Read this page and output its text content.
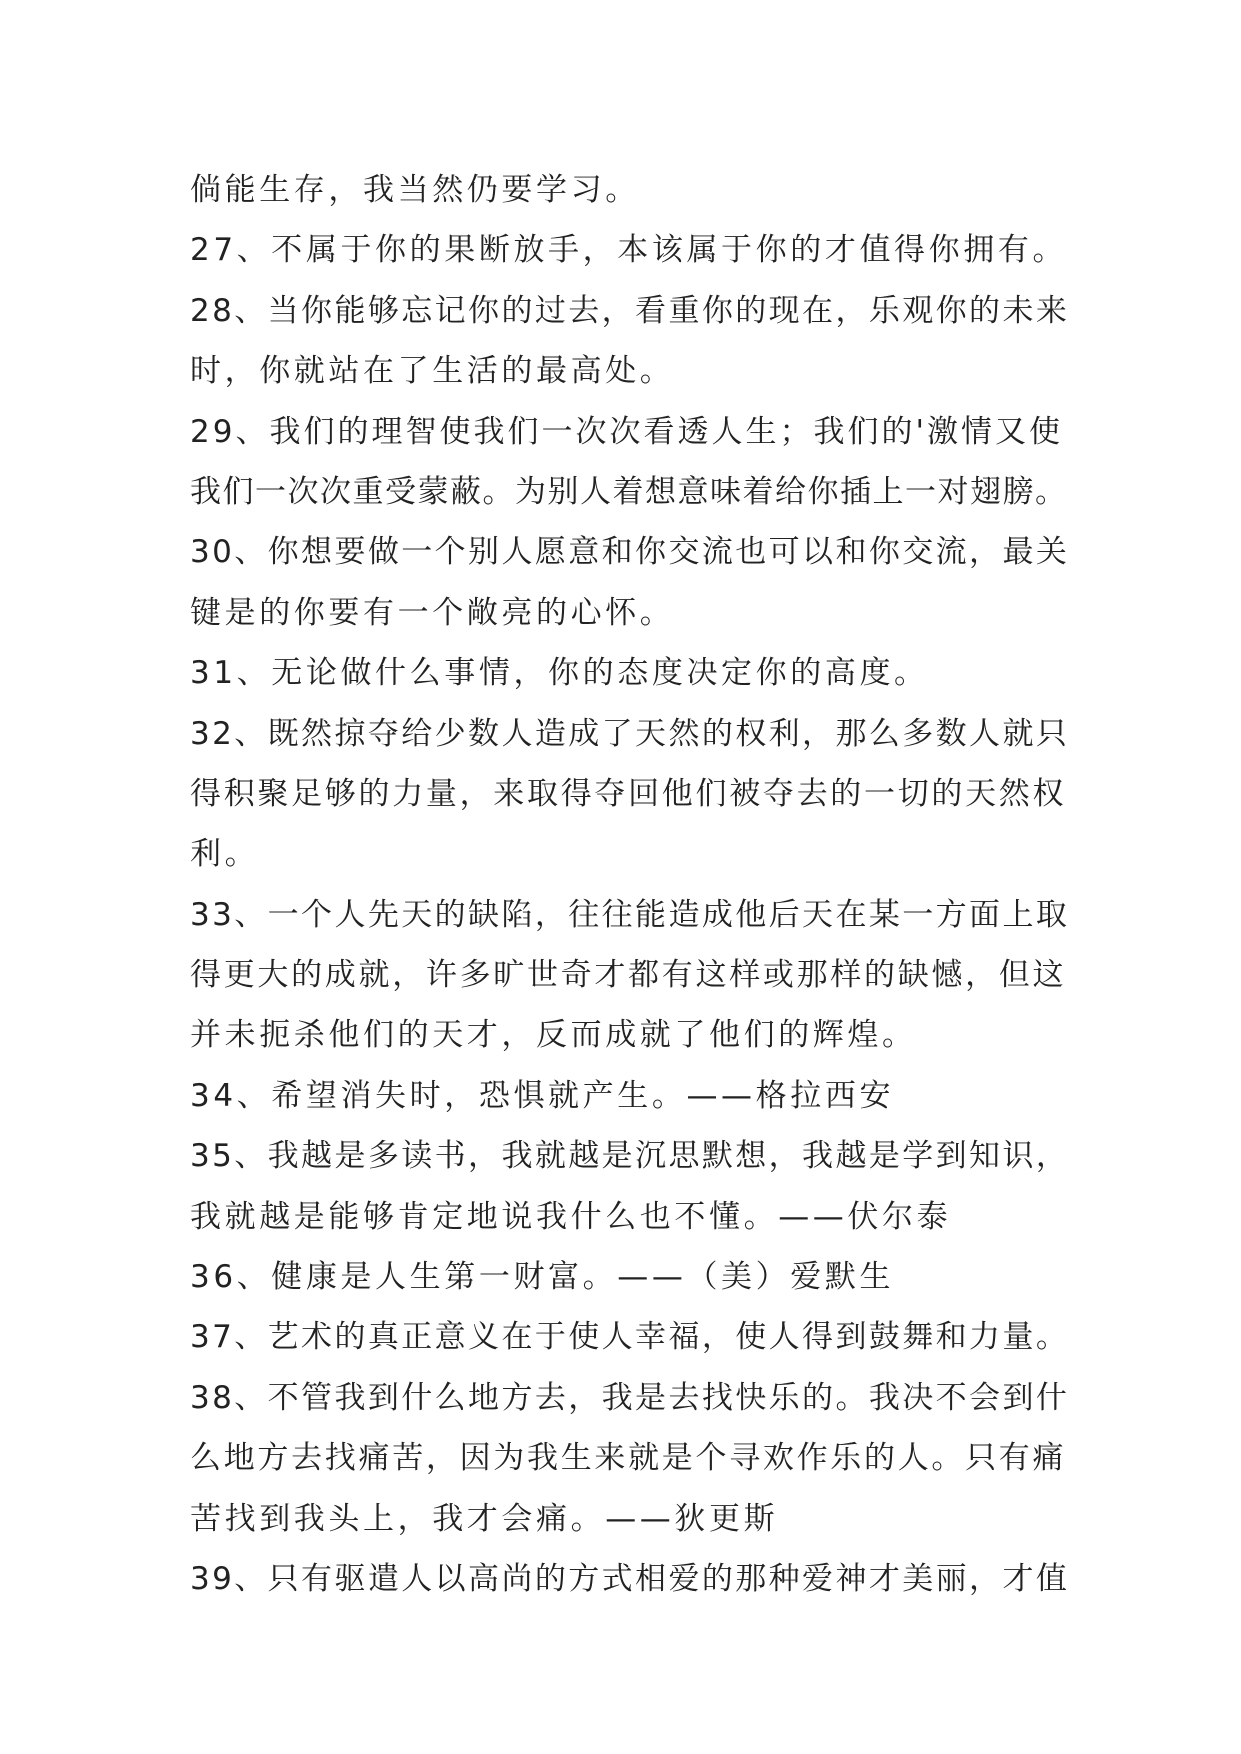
倘能生存，我当然仍要学习。
27、不属于你的果断放手，本该属于你的才值得你拥有。
28、当你能够忘记你的过去，看重你的现在，乐观你的未来
时，你就站在了生活的最高处。
29、我们的理智使我们一次次看透人生；我们的'激情又使
我们一次次重受蒙蔽。为别人着想意味着给你插上一对翅膀。
30、你想要做一个别人愿意和你交流也可以和你交流，最关
键是的你要有一个敞亮的心怀。
31、无论做什么事情，你的态度决定你的高度。
32、既然掠夺给少数人造成了天然的权利，那么多数人就只
得积聚足够的力量，来取得夺回他们被夺去的一切的天然权
利。
33、一个人先天的缺陷，往往能造成他后天在某一方面上取
得更大的成就，许多旷世奇才都有这样或那样的缺憾，但这
并未扼杀他们的天才，反而成就了他们的辉煌。
34、希望消失时，恐惧就产生。——格拉西安
35、我越是多读书，我就越是沉思默想，我越是学到知识，
我就越是能够肯定地说我什么也不懂。——伏尔泰
36、健康是人生第一财富。——（美）爱默生
37、艺术的真正意义在于使人幸福，使人得到鼓舞和力量。
38、不管我到什么地方去，我是去找快乐的。我决不会到什
么地方去找痛苦，因为我生来就是个寻欢作乐的人。只有痛
苦找到我头上，我才会痛。——狄更斯
39、只有驱遣人以高尚的方式相爱的那种爱神才美丽，才值
